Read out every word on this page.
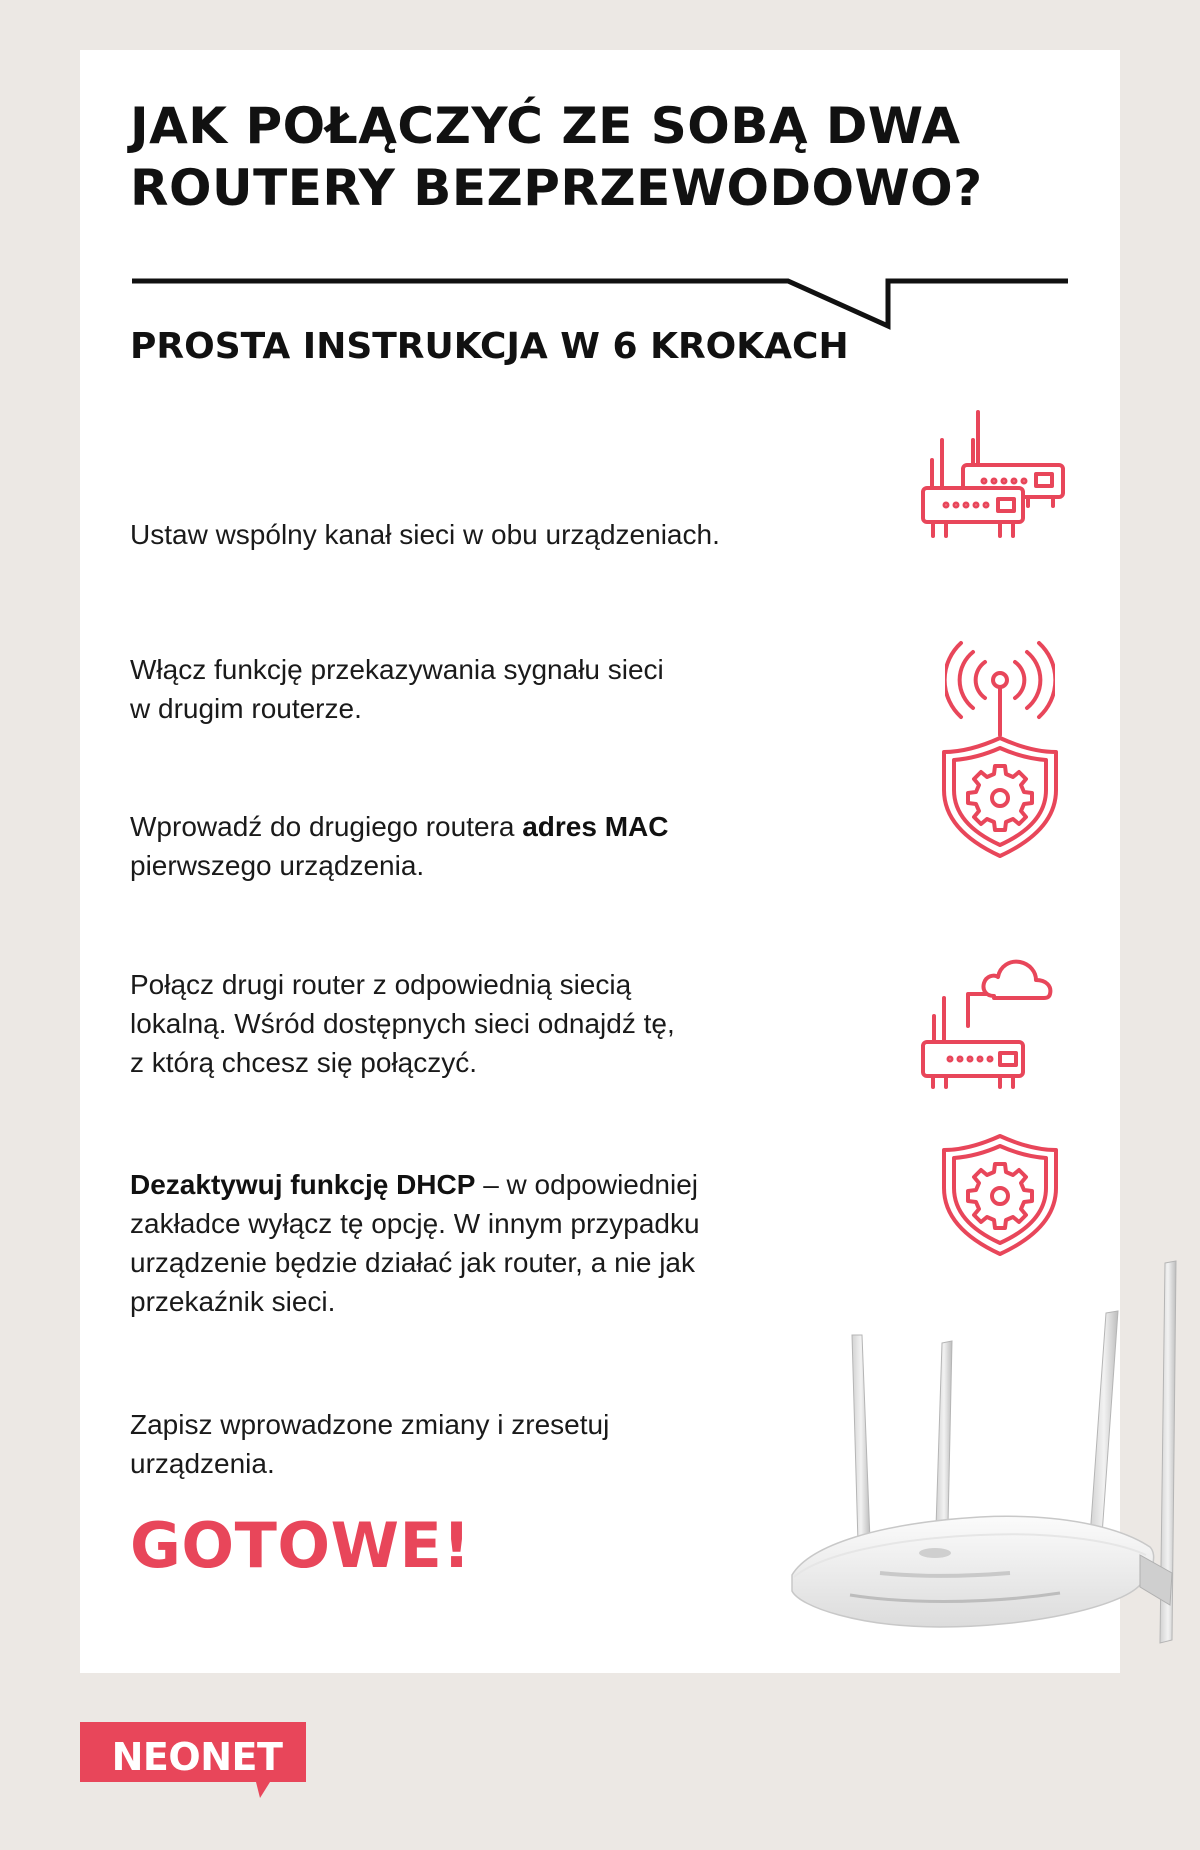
JAK POŁĄCZYĆ ZE SOBĄ DWA
ROUTERY BEZPRZEWODOWO?
PROSTA INSTRUKCJA W 6 KROKACH

Ustaw wspólny kanał sieci w obu urządzeniach.

Włącz funkcję przekazywania sygnału sieci
w drugim routerze.

Wprowadź do drugiego routera adres MAC
pierwszego urządzenia.

Połącz drugi router z odpowiednią siecią
lokalną. Wśród dostępnych sieci odnajdź tę,
z którą chcesz się połączyć.

Dezaktywuj funkcję DHCP – w odpowiedniej
zakładce wyłącz tę opcję. W innym przypadku
urządzenie będzie działać jak router, a nie jak
przekaźnik sieci.

Zapisz wprowadzone zmiany i zresetuj
urządzenia.

GOTOWE!

NEONET
